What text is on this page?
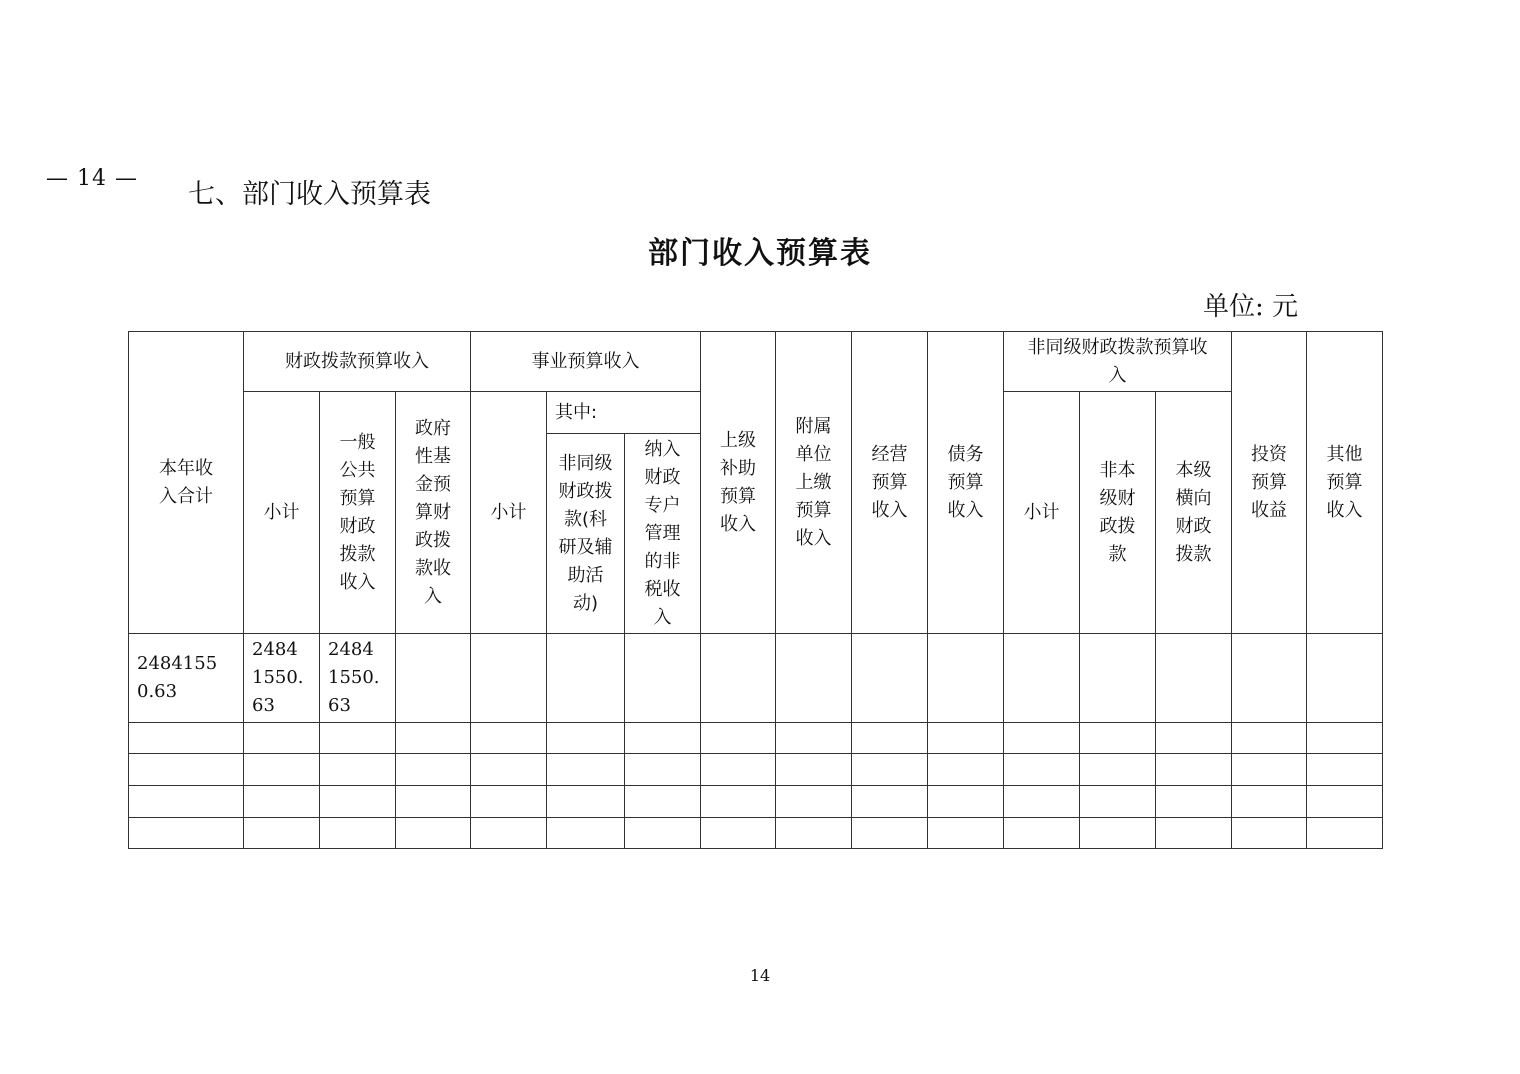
— 14 —
七、部门收入预算表
部门收入预算表
单位: 元
本年收入合计	财政拨款预算收入			事业预算收入			上级补助预算收入	附属单位上缴预算收入	经营预算收入	债务预算收入	非同级财政拨款预算收入			投资预算收益	其他预算收入
	小计	一般公共预算财政拨款收入	政府性基金预算财政拨款收入	小计	其中:						小计	非本级财政拨款	本级横向财政拨款		
					非同级财政拨款(科研及辅助活动)	纳入财政专户管理的非税收入									
24841550.63	24841550.63	24841550.63													

14
